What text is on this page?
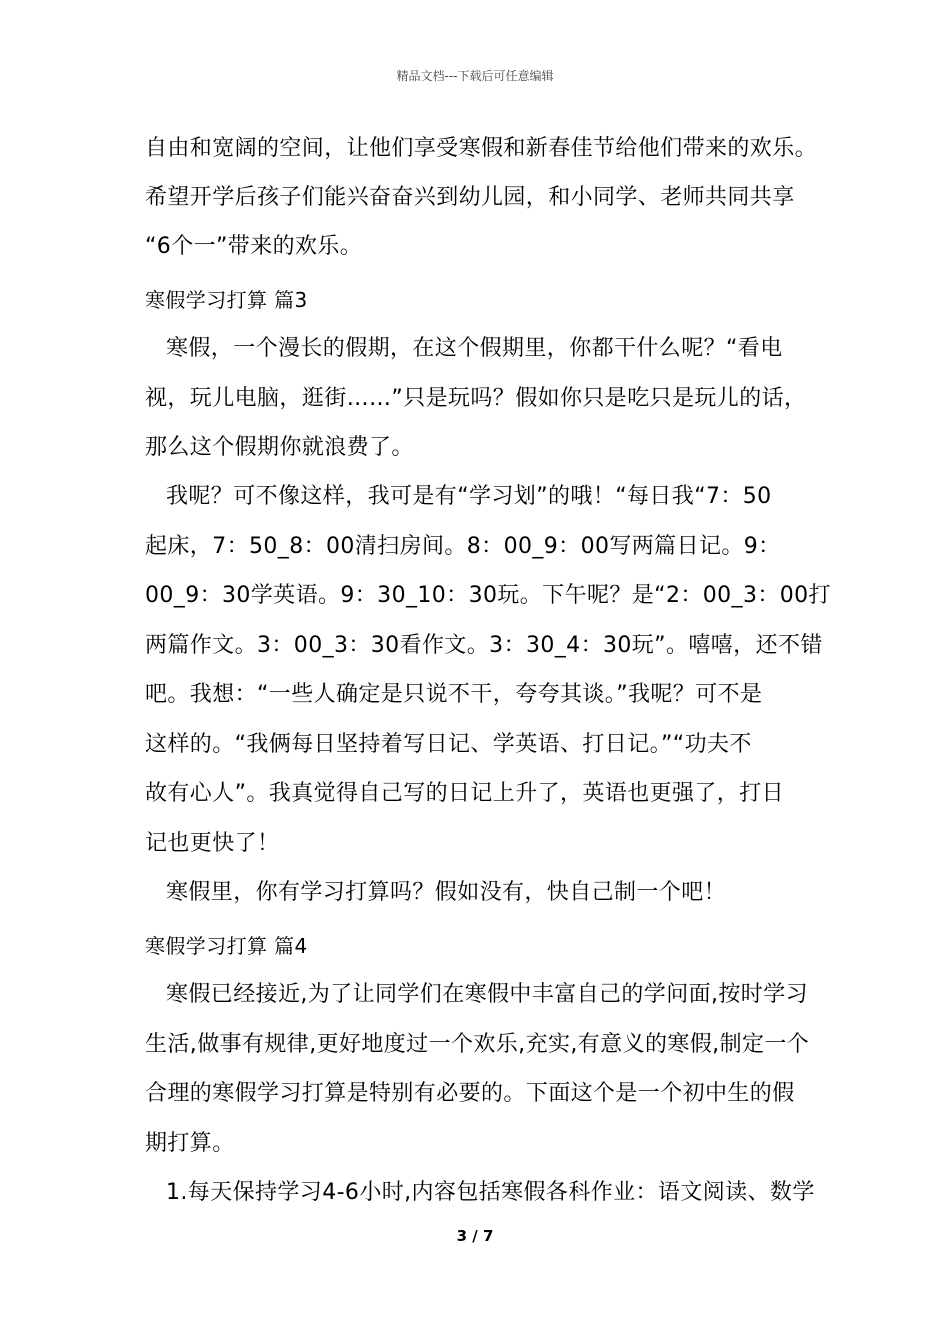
精品文档---下载后可任意编辑
自由和宽阔的空间，让他们享受寒假和新春佳节给他们带来的欢乐。
希望开学后孩子们能兴奋奋兴到幼儿园，和小同学、老师共同共享
“6个一”带来的欢乐。
寒假学习打算 篇3
寒假，一个漫长的假期，在这个假期里，你都干什么呢？“看电
视，玩儿电脑，逛街……”只是玩吗？假如你只是吃只是玩儿的话，
那么这个假期你就浪费了。
我呢？可不像这样，我可是有“学习划”的哦！“每日我“7：50
起床，7：50_8：00清扫房间。8：00_9：00写两篇日记。9：
00_9：30学英语。9：30_10：30玩。下午呢？是“2：00_3：00打
两篇作文。3：00_3：30看作文。3：30_4：30玩”。嘻嘻，还不错
吧。我想：“一些人确定是只说不干，夸夸其谈。”我呢？可不是
这样的。“我俩每日坚持着写日记、学英语、打日记。”“功夫不
故有心人”。我真觉得自己写的日记上升了，英语也更强了，打日
记也更快了！
寒假里，你有学习打算吗？假如没有，快自己制一个吧！
寒假学习打算 篇4
寒假已经接近,为了让同学们在寒假中丰富自己的学问面,按时学习
生活,做事有规律,更好地度过一个欢乐,充实,有意义的寒假,制定一个
合理的寒假学习打算是特别有必要的。下面这个是一个初中生的假
期打算。
1.每天保持学习4-6小时,内容包括寒假各科作业：语文阅读、数学
3 / 7
